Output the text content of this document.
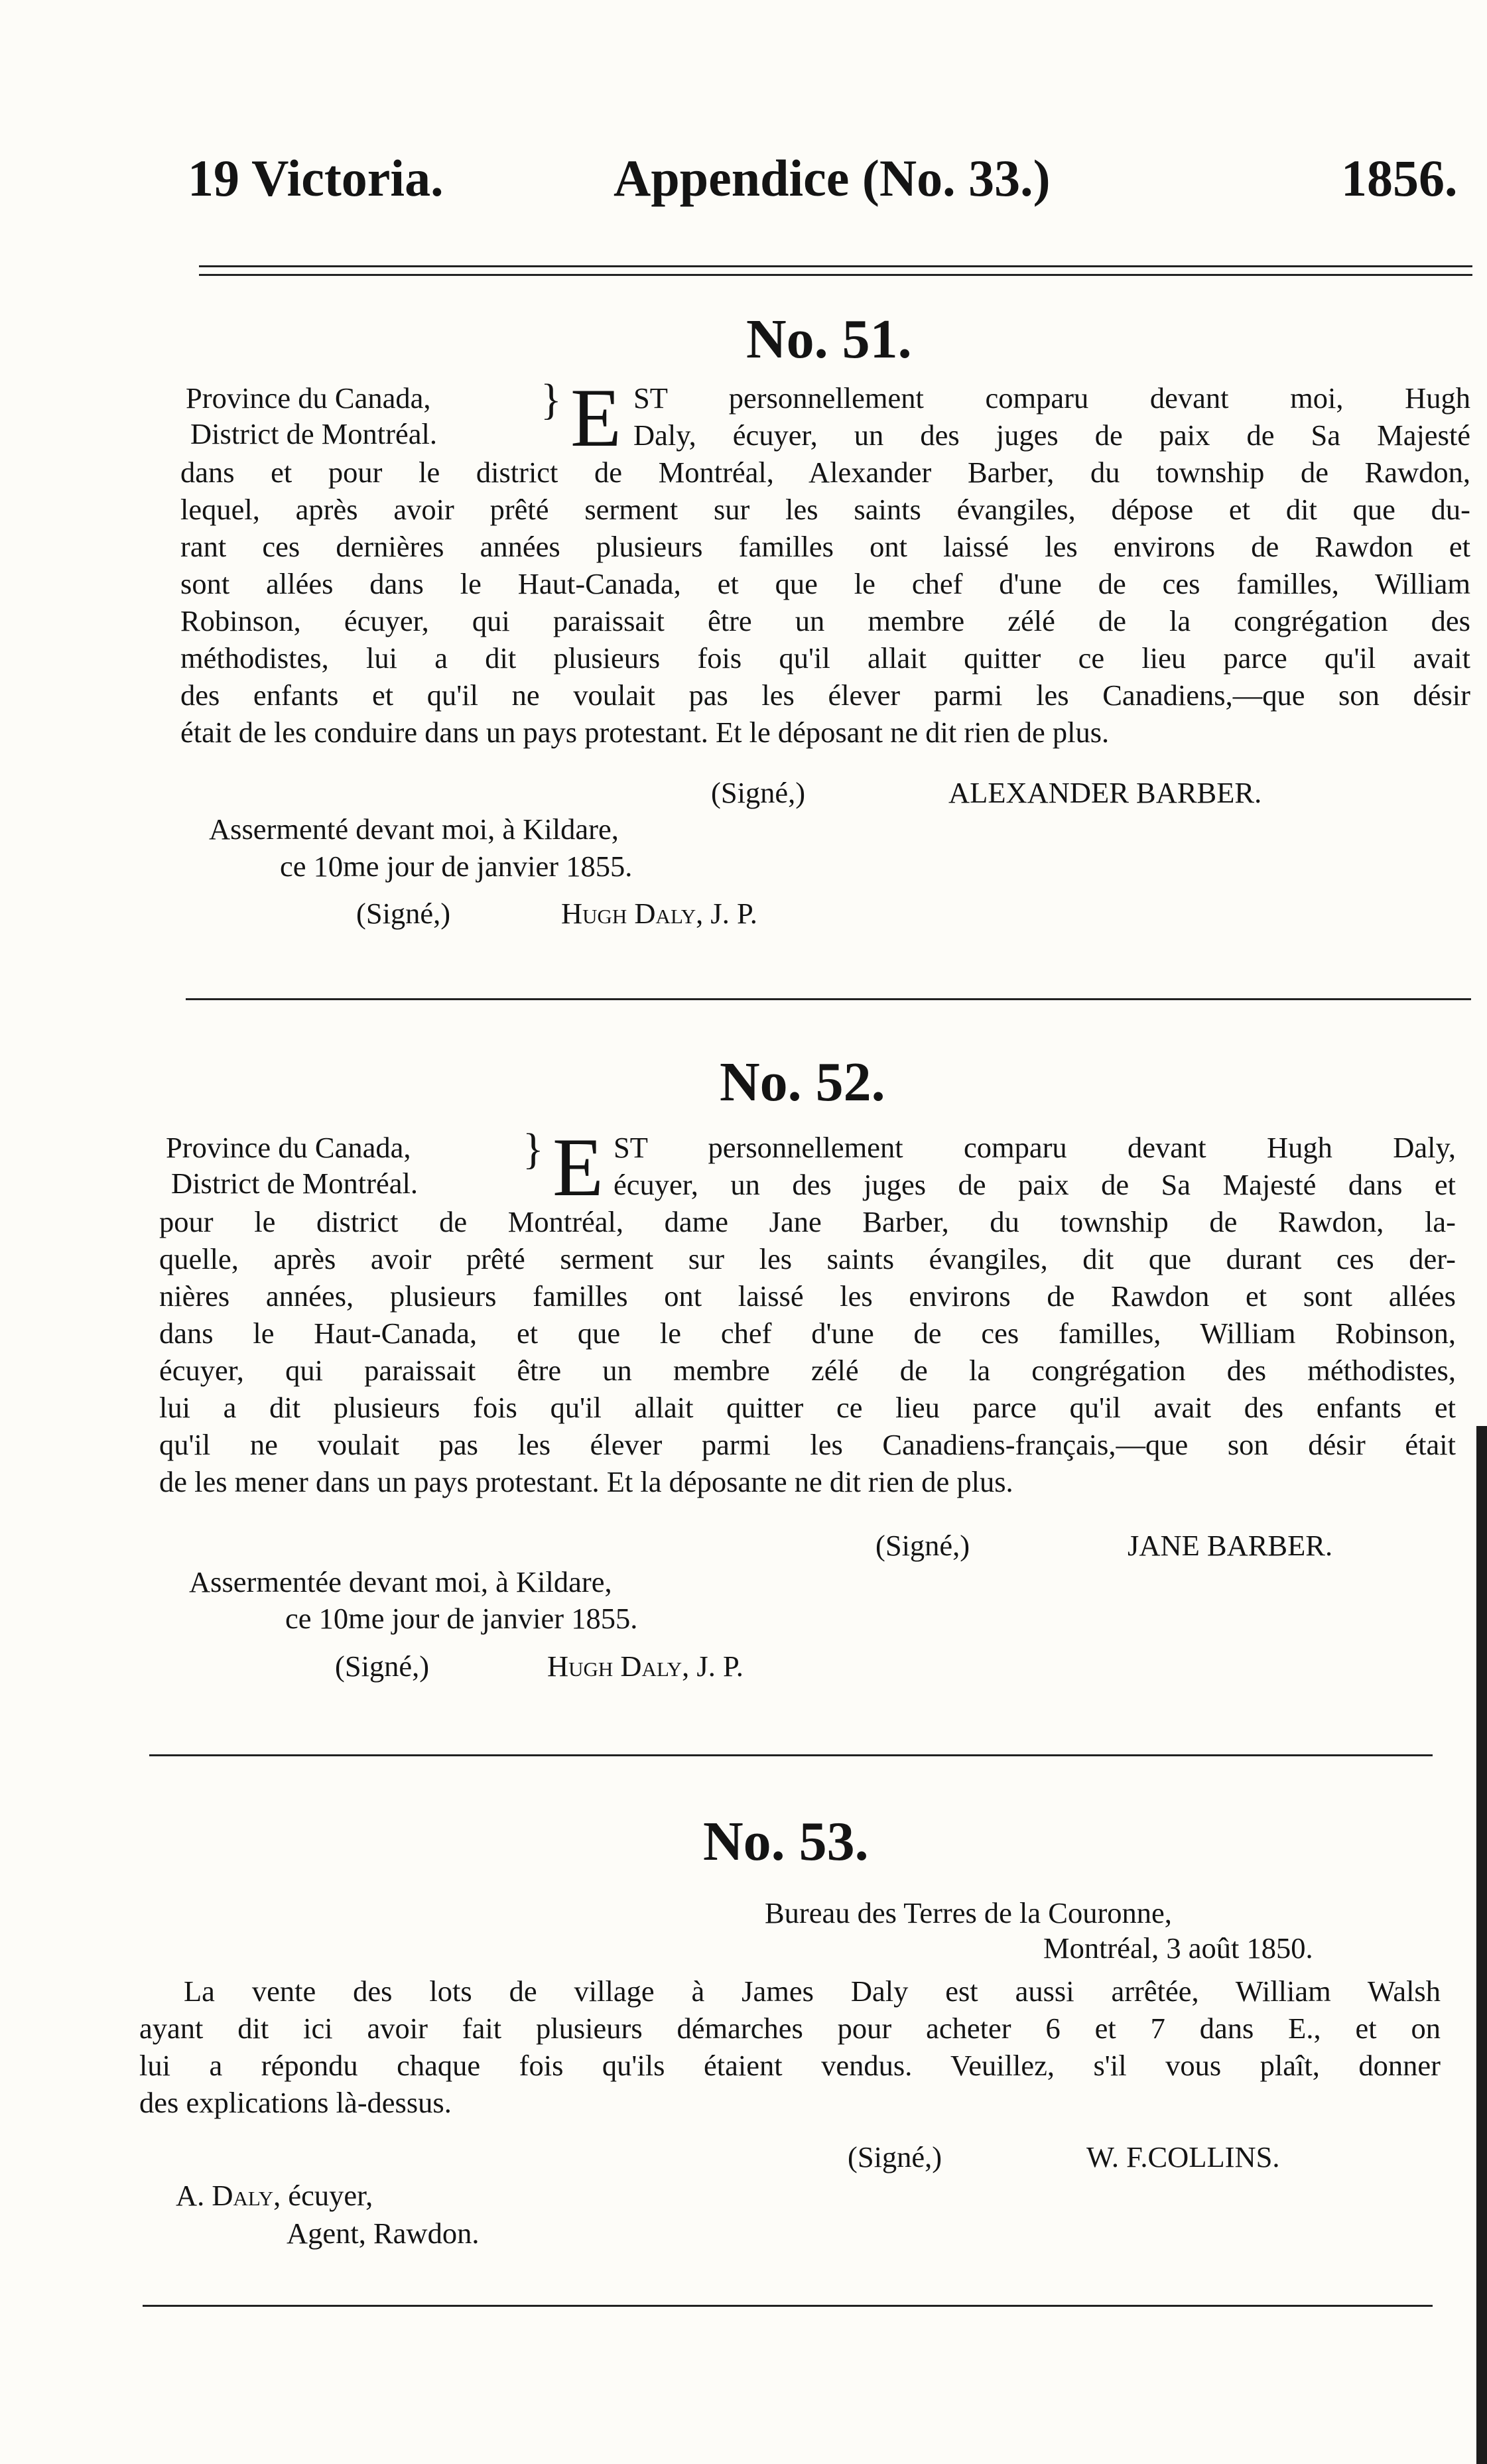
19 Victoria.	Appendice (No. 33.)	1856.
No. 51.
Province du Canada,
District de Montréal.
} E ST personnellement comparu devant moi, Hugh
Daly, écuyer, un des juges de paix de Sa Majesté
dans et pour le district de Montréal, Alexander Barber, du township de Rawdon,
lequel, après avoir prêté serment sur les saints évangiles, dépose et dit que du-
rant ces dernières années plusieurs familles ont laissé les environs de Rawdon et
sont allées dans le Haut-Canada, et que le chef d'une de ces familles, William
Robinson, écuyer, qui paraissait être un membre zélé de la congrégation des
méthodistes, lui a dit plusieurs fois qu'il allait quitter ce lieu parce qu'il avait
des enfants et qu'il ne voulait pas les élever parmi les Canadiens,—que son désir
était de les conduire dans un pays protestant. Et le déposant ne dit rien de plus.
(Signé,)	ALEXANDER BARBER.
Assermenté devant moi, à Kildare,
ce 10me jour de janvier 1855.
(Signé,)	Hugh Daly, J. P.
No. 52.
Province du Canada,
District de Montréal.
} E ST personnellement comparu devant Hugh Daly,
écuyer, un des juges de paix de Sa Majesté dans et
pour le district de Montréal, dame Jane Barber, du township de Rawdon, la-
quelle, après avoir prêté serment sur les saints évangiles, dit que durant ces der-
nières années, plusieurs familles ont laissé les environs de Rawdon et sont allées
dans le Haut-Canada, et que le chef d'une de ces familles, William Robinson,
écuyer, qui paraissait être un membre zélé de la congrégation des méthodistes,
lui a dit plusieurs fois qu'il allait quitter ce lieu parce qu'il avait des enfants et
qu'il ne voulait pas les élever parmi les Canadiens-français,—que son désir était
de les mener dans un pays protestant. Et la déposante ne dit rien de plus.
(Signé,)	JANE BARBER.
Assermentée devant moi, à Kildare,
ce 10me jour de janvier 1855.
(Signé,)	Hugh Daly, J. P.
No. 53.
Bureau des Terres de la Couronne,
Montréal, 3 août 1850.
La vente des lots de village à James Daly est aussi arrêtée, William Walsh
ayant dit ici avoir fait plusieurs démarches pour acheter 6 et 7 dans E., et on
lui a répondu chaque fois qu'ils étaient vendus. Veuillez, s'il vous plaît, donner
des explications là-dessus.
(Signé,)	W. F.COLLINS.
A. Daly, écuyer,
Agent, Rawdon.
